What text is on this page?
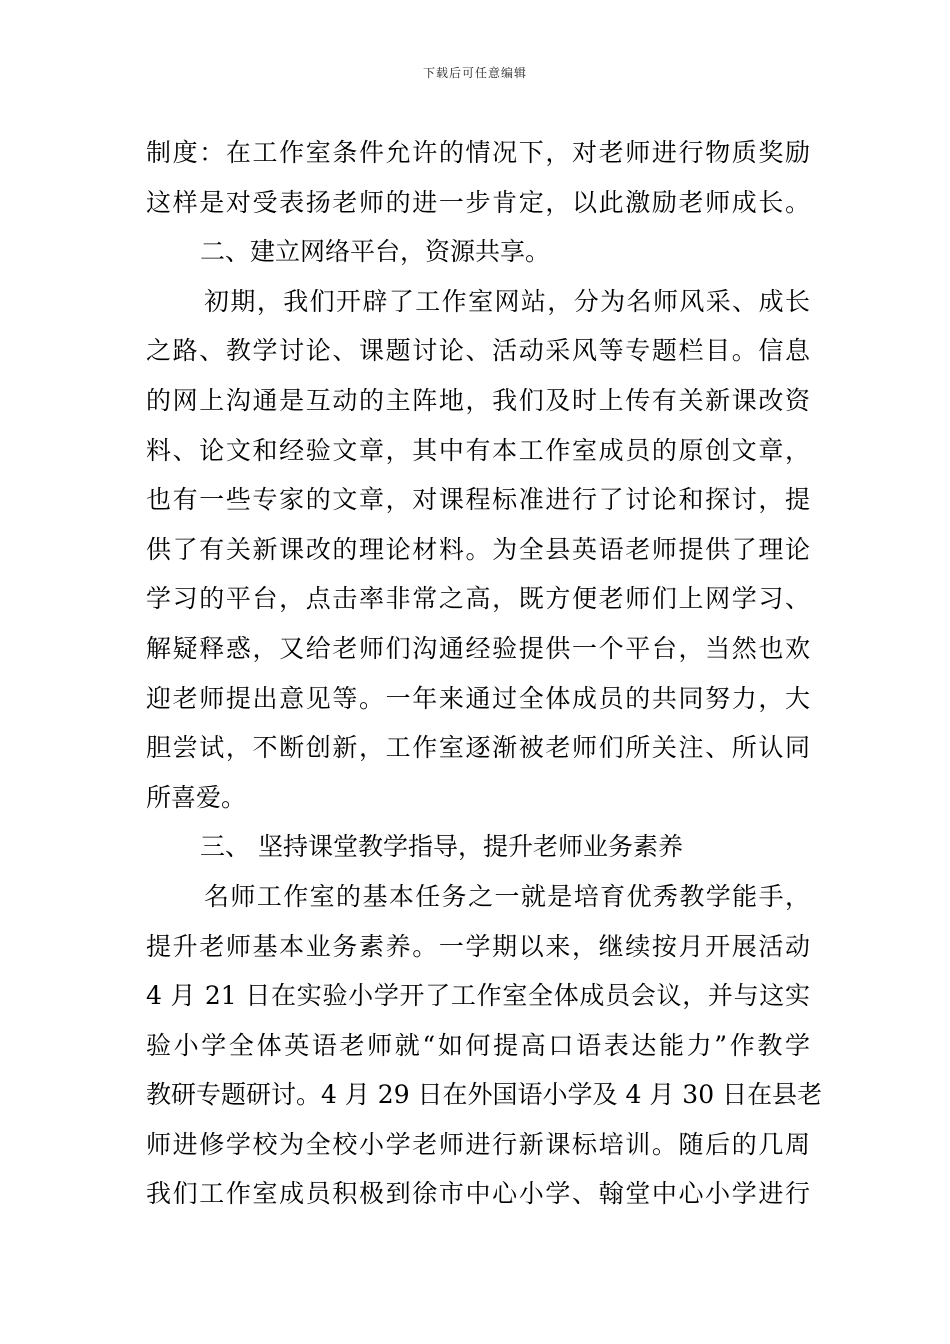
下载后可任意编辑
制度：在工作室条件允许的情况下，对老师进行物质奖励
这样是对受表扬老师的进一步肯定，以此激励老师成长。
二、建立网络平台，资源共享。
初期，我们开辟了工作室网站，分为名师风采、成长
之路、教学讨论、课题讨论、活动采风等专题栏目。信息
的网上沟通是互动的主阵地，我们及时上传有关新课改资
料、论文和经验文章，其中有本工作室成员的原创文章，
也有一些专家的文章，对课程标准进行了讨论和探讨，提
供了有关新课改的理论材料。为全县英语老师提供了理论
学习的平台，点击率非常之高，既方便老师们上网学习、
解疑释惑，又给老师们沟通经验提供一个平台，当然也欢
迎老师提出意见等。一年来通过全体成员的共同努力，大
胆尝试，不断创新，工作室逐渐被老师们所关注、所认同
所喜爱。
三、 坚持课堂教学指导，提升老师业务素养
名师工作室的基本任务之一就是培育优秀教学能手，
提升老师基本业务素养。一学期以来，继续按月开展活动
4 月 21 日在实验小学开了工作室全体成员会议，并与这实
验小学全体英语老师就“如何提高口语表达能力”作教学
教研专题研讨。4 月 29 日在外国语小学及 4 月 30 日在县老
师进修学校为全校小学老师进行新课标培训。随后的几周
我们工作室成员积极到徐市中心小学、翰堂中心小学进行
